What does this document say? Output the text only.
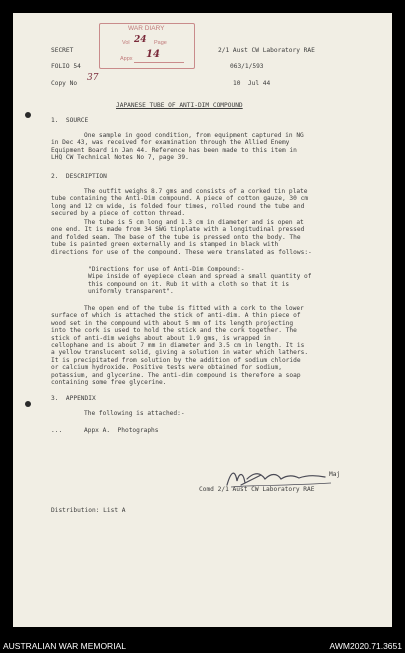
WAR DIARY
Vol 24 Page
Appx 14
SECRET	2/1 Aust CW Laboratory RAE
FOLIO 54	063/1/593
Copy No
37
10  Jul 44
JAPANESE TUBE OF ANTI-DIM COMPOUND
1.  SOURCE
One sample in good condition, from equipment captured in NG
in Dec 43, was received for examination through the Allied Enemy
Equipment Board in Jan 44. Reference has been made to this item in
LHQ CW Technical Notes No 7, page 39.
2.  DESCRIPTION
The outfit weighs 8.7 gms and consists of a corked tin plate
tube containing the Anti-Dim compound. A piece of cotton gauze, 30 cm
long and 12 cm wide, is folded four times, rolled round the tube and
secured by a piece of cotton thread.
The tube is 5 cm long and 1.3 cm in diameter and is open at
one end. It is made from 34 SWG tinplate with a longitudinal pressed
and folded seam. The base of the tube is pressed onto the body. The
tube is painted green externally and is stamped in black with
directions for use of the compound. These were translated as follows:-
"Directions for use of Anti-Dim Compound:-
Wipe inside of eyepiece clean and spread a small quantity of
this compound on it. Rub it with a cloth so that it is
uniformly transparent".
The open end of the tube is fitted with a cork to the lower
surface of which is attached the stick of anti-dim. A thin piece of
wood set in the compound with about 5 mm of its length projecting
into the cork is used to hold the stick and the cork together. The
stick of anti-dim weighs about about 1.9 gms, is wrapped in
cellophane and is about 7 mm in diameter and 3.5 cm in length. It is
a yellow translucent solid, giving a solution in water which lathers.
It is precipitated from solution by the addition of sodium chloride
or calcium hydroxide. Positive tests were obtained for sodium,
potassium, and glycerine. The anti-dim compound is therefore a soap
containing some free glycerine.
3.  APPENDIX
The following is attached:-
...	Appx A.  Photographs
Maj
Comd 2/1 Aust CW Laboratory RAE
Distribution: List A
AUSTRALIAN WAR MEMORIAL	AWM2020.71.3651
